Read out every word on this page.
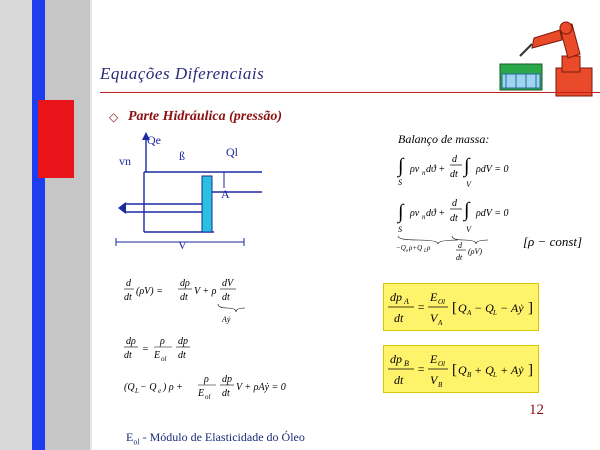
Equações Diferenciais
◇ Parte Hidráulica (pressão)
Qe
vn	ß	Ql
A
V
Balanço de massa:
∫
S
ρv n dϑ +
d
dt ∫
V
ρdV = 0
∫
S
ρv n dϑ +
d
dt ∫
V
ρdV = 0
−Q e ρ+Q L ρ	d
dt
(ρV)
[ρ − const]
d
dt
(ρV) =
dρ
dt
V + ρ
dV
dt
Aẏ
dρ
dt
=
ρ
E ol
dp
dt
(Q L − Q e ) ρ +
ρ
E ol
dp
dt
V + ρAẏ = 0
dp A
dt
=
E Ol
V A
[ Q A − Q L − Aẏ ]
dp B
dt
=
E Ol
V B
[ Q B + Q L + Aẏ ]
12
$E_{ol}$ - Módulo de Elasticidade do Óleo
